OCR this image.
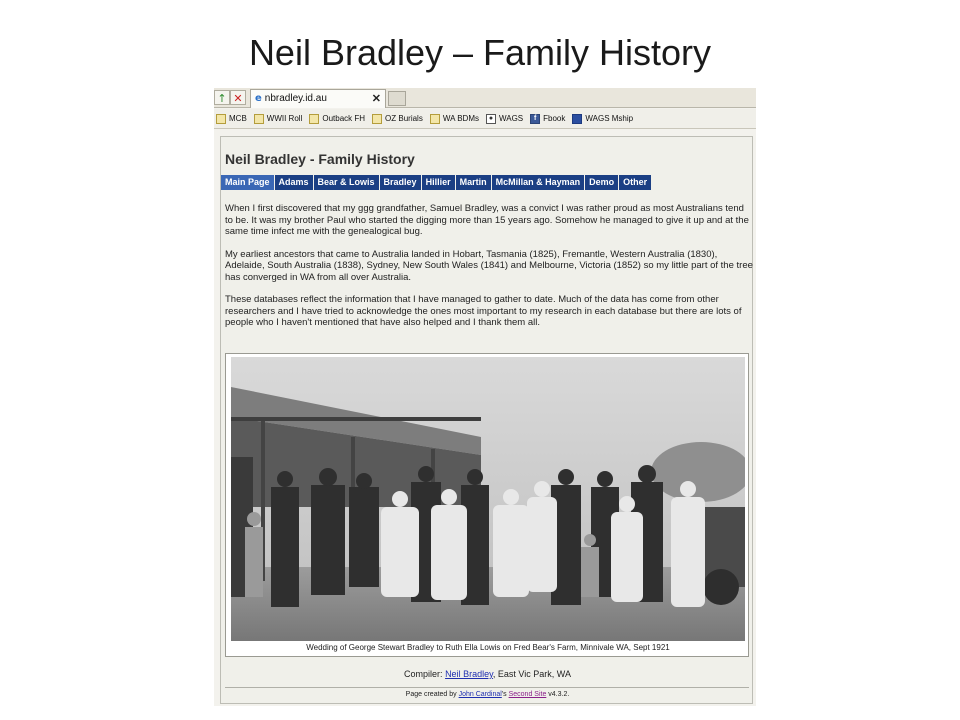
Neil Bradley – Family History
↑ ✕	e nbradley.id.au	✕
MCB	WWII Roll	Outback FH	OZ Burials	WA BDMs	● WAGS	f Fbook	WAGS Mship
Neil Bradley - Family History
Main Page	Adams	Bear & Lowis	Bradley	Hillier	Martin	McMillan & Hayman	Demo	Other

When I first discovered that my ggg grandfather, Samuel Bradley, was a convict I was rather proud as most Australians tend to be. It was my brother Paul who started the digging more than 15 years ago. Somehow he managed to give it up and at the same time infect me with the genealogical bug.

My earliest ancestors that came to Australia landed in Hobart, Tasmania (1825), Fremantle, Western Australia (1830), Adelaide, South Australia (1838), Sydney, New South Wales (1841) and Melbourne, Victoria (1852) so my little part of the tree has converged in WA from all over Australia.

These databases reflect the information that I have managed to gather to date. Much of the data has come from other researchers and I have tried to acknowledge the ones most important to my research in each database but there are lots of people who I haven't mentioned that have also helped and I thank them all.

Wedding of George Stewart Bradley to Ruth Ella Lowis on Fred Bear's Farm, Minnivale WA, Sept 1921
Compiler: Neil Bradley, East Vic Park, WA
Page created by John Cardinal's Second Site v4.3.2.
